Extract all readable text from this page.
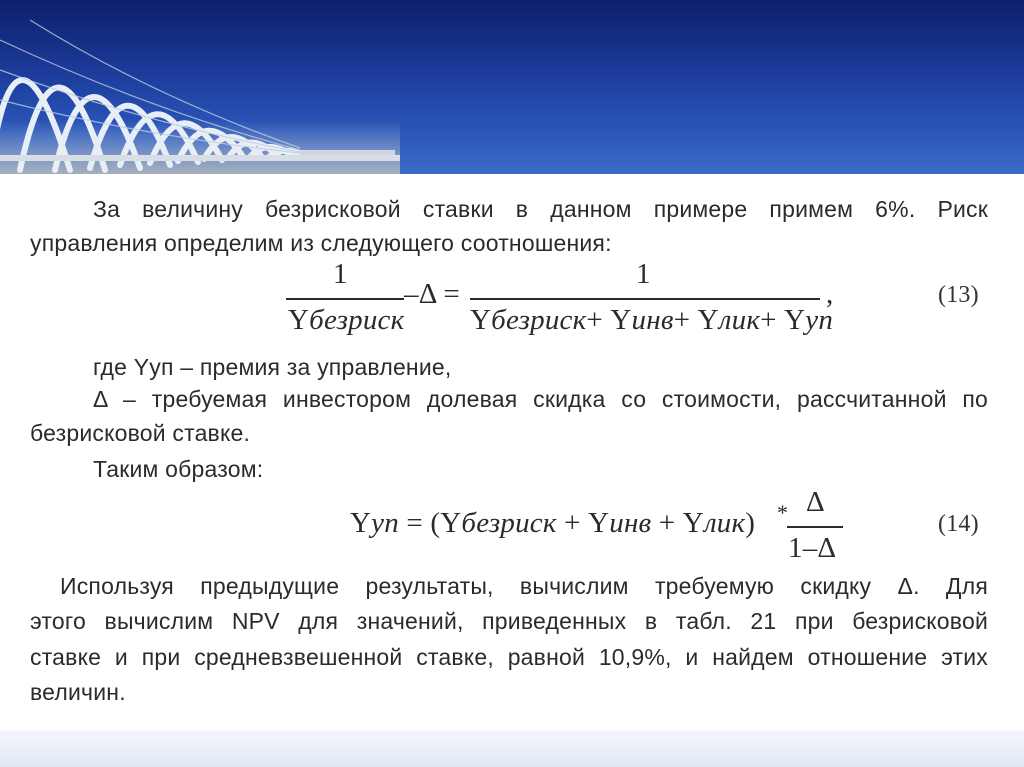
За величину безрисковой ставки в данном примере примем 6%. Риск
управления определим из следующего соотношения:
1
Yбезриск
–Δ =
1
Yбезриск+ Yинв+ Yлик+ Yуп
,	(13)
где Yуп – премия за управление,
Δ – требуемая инвестором долевая скидка со стоимости, рассчитанной по
безрисковой ставке.
Таким образом:
Yуп = (Yбезриск + Yинв + Yлик) * Δ
1–Δ
(14)
Используя предыдущие результаты, вычислим требуемую скидку Δ. Для
этого вычислим NPV для значений, приведенных в табл. 21 при безрисковой
ставке и при средневзвешенной ставке, равной 10,9%, и найдем отношение этих
величин.
